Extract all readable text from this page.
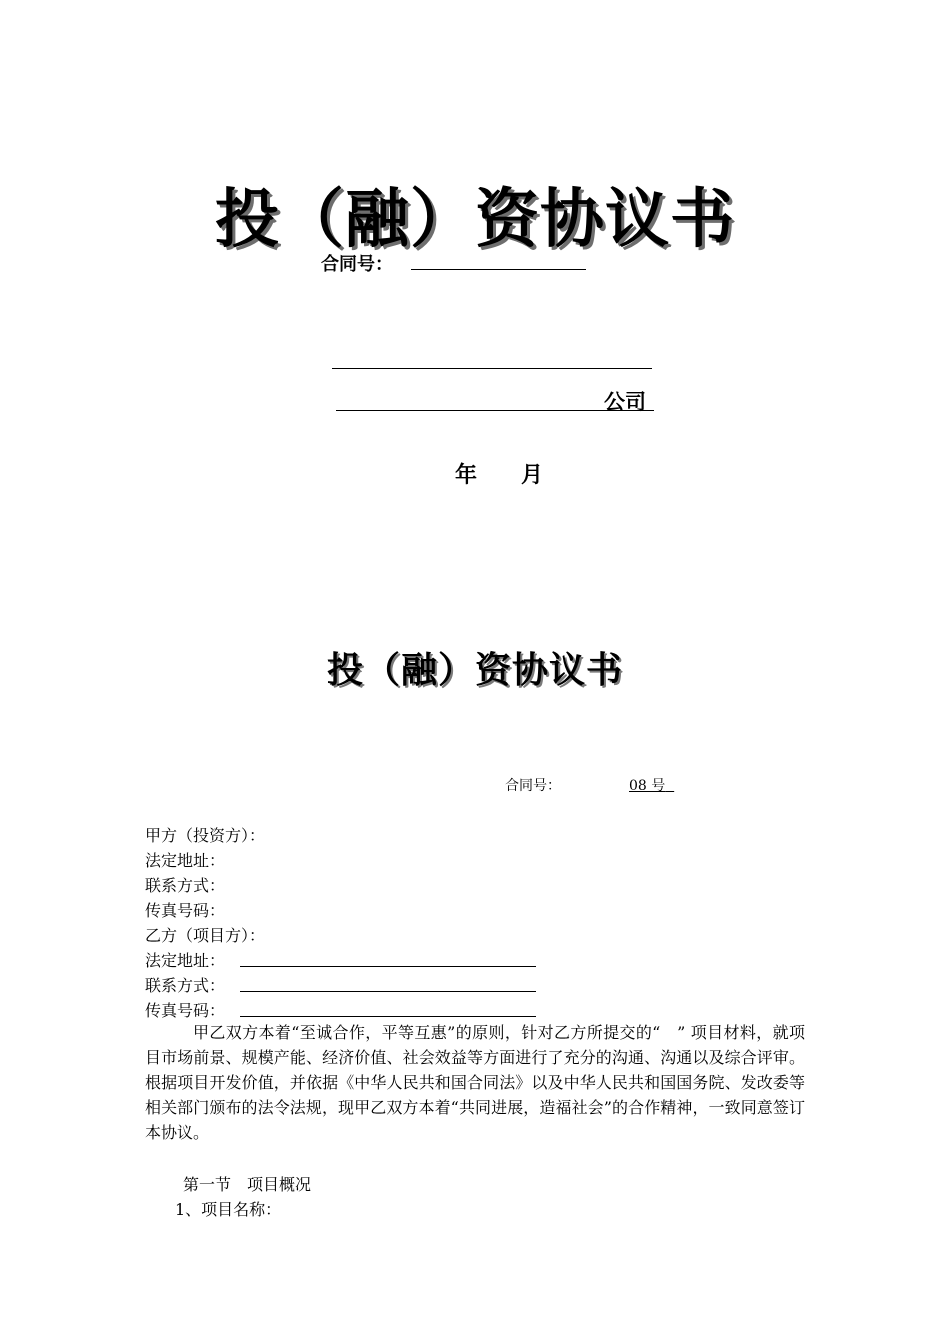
投（融）资协议书
合同号：
公司
年 月
投（融）资协议书
合同号：	08 号
甲方（投资方）：
法定地址：
联系方式：
传真号码：
乙方（项目方）：
法定地址：
联系方式：
传真号码：
甲乙双方本着“至诚合作，平等互惠”的原则，针对乙方所提交的“　” 项目材料，就项目市场前景、规模产能、经济价值、社会效益等方面进行了充分的沟通、沟通以及综合评审。根据项目开发价值，并依据《中华人民共和国合同法》以及中华人民共和国国务院、发改委等相关部门颁布的法令法规，现甲乙双方本着“共同进展，造福社会”的合作精神，一致同意签订本协议。
第一节　项目概况
1、项目名称：
